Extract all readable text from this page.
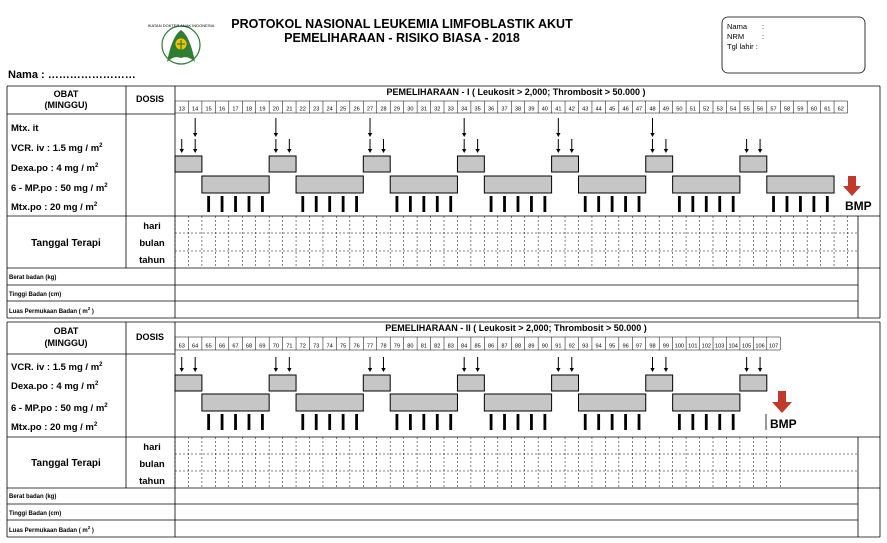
IKATAN DOKTER ANAK INDONESIA PROTOKOL NASIONAL LEUKEMIA LIMFOBLASTIK AKUT
PEMELIHARAAN - RISIKO BIASA - 2018
Nama :
NRM :
Tgl lahir :
Nama : ……………………
OBAT
(MINGGU)
DOSIS
PEMELIHARAAN - I ( Leukosit > 2,000; Thrombosit > 50.000 )
Mtx. it
VCR. iv : 1.5 mg / $m^2$
Dexa.po : 4 mg / $m^2$
6 - MP.po : 50 mg / $m^2$
Mtx.po : 20 mg / $m^2$
Tanggal Terapi
hari
bulan
tahun
Berat badan (kg)
Tinggi Badan (cm)
Luas Permukaan Badan ( $m^2$ )
13 14 15 16 17 18 19 20 21 22 23 24 25 26 27 28 29 30 31 32 33 34 35 36 37 38 39 40 41 42 43 44 45 46 47 48 49 50 51 52 53 54 55 56 57 58 59 60 61 62
BMP
OBAT
(MINGGU)
DOSIS
PEMELIHARAAN - II ( Leukosit > 2,000; Thrombosit > 50.000 )
VCR. iv : 1.5 mg / $m^2$
Dexa.po : 4 mg / $m^2$
6 - MP.po : 50 mg / $m^2$
Mtx.po : 20 mg / $m^2$
Tanggal Terapi
hari
bulan
tahun
Berat badan (kg)
Tinggi Badan (cm)
Luas Permukaan Badan ( $m^2$ )
63 64 65 66 67 68 69 70 71 72 73 74 75 76 77 78 79 80 81 82 83 84 85 86 87 88 89 90 91 92 93 94 95 96 97 98 99 100 101 102 103 104 105 106 107
BMP
